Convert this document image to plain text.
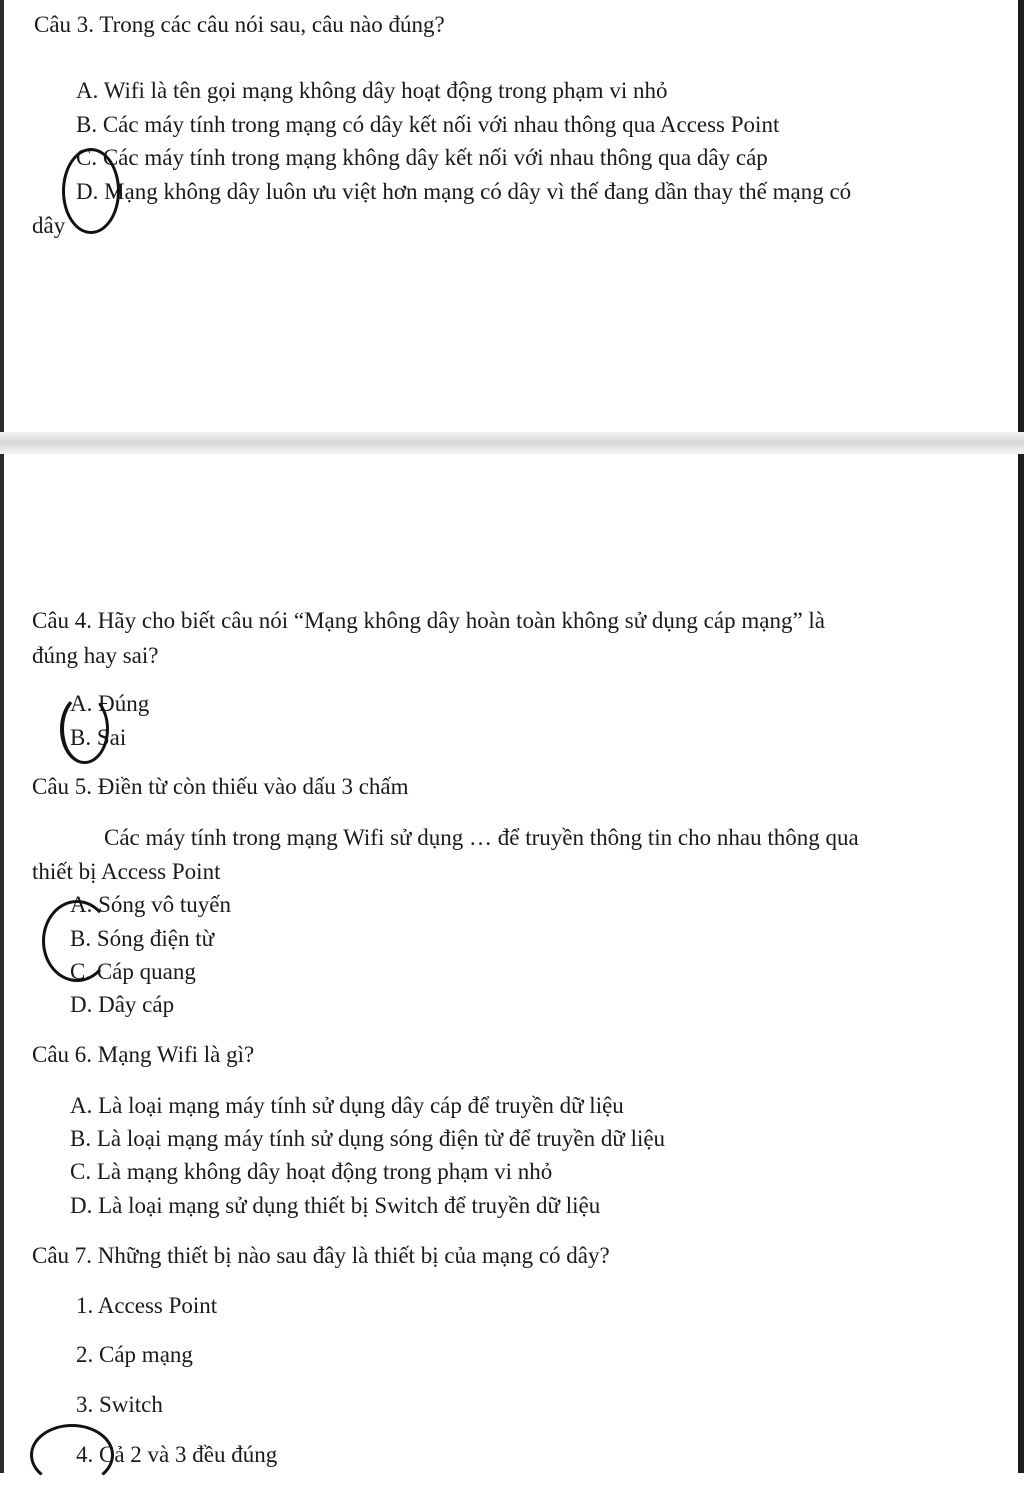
Câu 3. Trong các câu nói sau, câu nào đúng?
A. Wifi là tên gọi mạng không dây hoạt động trong phạm vi nhỏ
B. Các máy tính trong mạng có dây kết nối với nhau thông qua Access Point
C. Các máy tính trong mạng không dây kết nối với nhau thông qua dây cáp
D. Mạng không dây luôn ưu việt hơn mạng có dây vì thế đang dần thay thế mạng có
dây
Câu 4. Hãy cho biết câu nói “Mạng không dây hoàn toàn không sử dụng cáp mạng” là
đúng hay sai?
A. Đúng
B. Sai
Câu 5. Điền từ còn thiếu vào dấu 3 chấm
Các máy tính trong mạng Wifi sử dụng … để truyền thông tin cho nhau thông qua
thiết bị Access Point
A. Sóng vô tuyến
B. Sóng điện từ
C. Cáp quang
D. Dây cáp
Câu 6. Mạng Wifi là gì?
A. Là loại mạng máy tính sử dụng dây cáp để truyền dữ liệu
B. Là loại mạng máy tính sử dụng sóng điện từ để truyền dữ liệu
C. Là mạng không dây hoạt động trong phạm vi nhỏ
D. Là loại mạng sử dụng thiết bị Switch để truyền dữ liệu
Câu 7. Những thiết bị nào sau đây là thiết bị của mạng có dây?
1. Access Point
2. Cáp mạng
3. Switch
4. Cả 2 và 3 đều đúng
